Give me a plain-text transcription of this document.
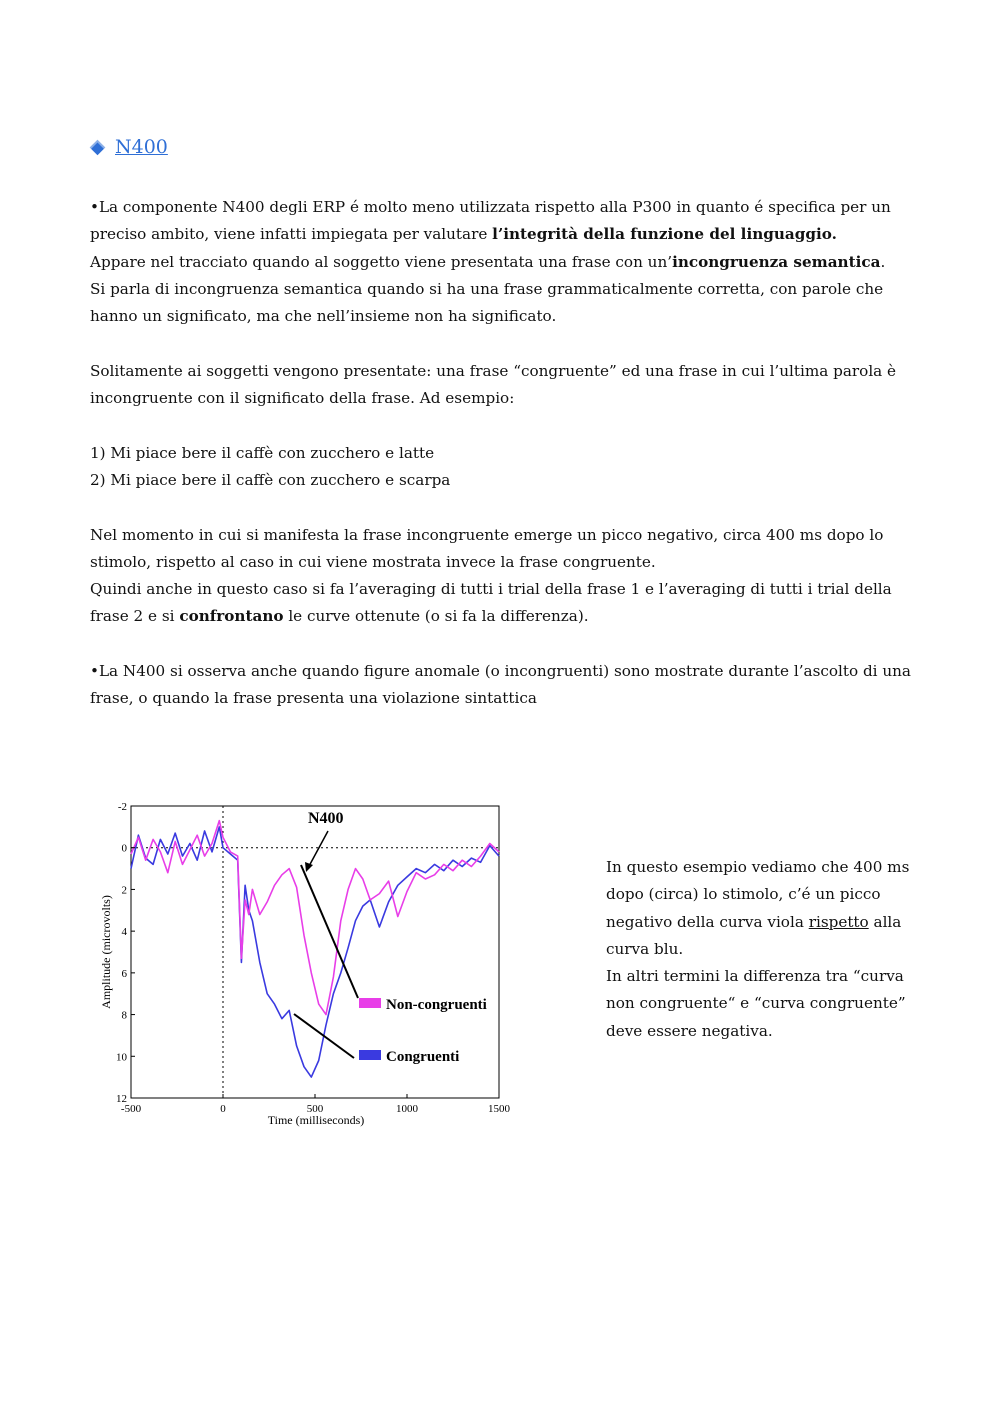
N400

•La componente N400 degli ERP é molto meno utilizzata rispetto alla P300 in quanto é specifica per un preciso ambito, viene infatti impiegata per valutare l’integrità della funzione del linguaggio.

Appare nel tracciato quando al soggetto viene presentata una frase con un’incongruenza semantica.

Si parla di incongruenza semantica quando si ha una frase grammaticalmente corretta, con parole che hanno un significato, ma che nell’insieme non ha significato.

Solitamente ai soggetti vengono presentate: una frase “congruente” ed una frase in cui l’ultima parola è incongruente con il significato della frase. Ad esempio:

1) Mi piace bere il caffè con zucchero e latte

2) Mi piace bere il caffè con zucchero e scarpa

Nel momento in cui si manifesta la frase incongruente emerge un picco negativo, circa 400 ms dopo lo stimolo, rispetto al caso in cui viene mostrata invece la frase congruente.

Quindi anche in questo caso si fa l’averaging di tutti i trial della frase 1 e l’averaging di tutti i trial della frase 2 e si confrontano le curve ottenute (o si fa la differenza).

•La N400 si osserva anche quando figure anomale (o incongruenti) sono mostrate durante l’ascolto di una frase, o quando la frase presenta una violazione sintattica

-500	0	500	1000	1500
-2
0
2
4
6
8
10
12
N400
Non-congruenti
Congruenti
Time (milliseconds)
Amplitude (microvolts)

In questo esempio vediamo che 400 ms dopo (circa) lo stimolo, c’é un picco negativo della curva viola rispetto alla curva blu.

In altri termini la differenza tra “curva non congruente“ e “curva congruente” deve essere negativa.
